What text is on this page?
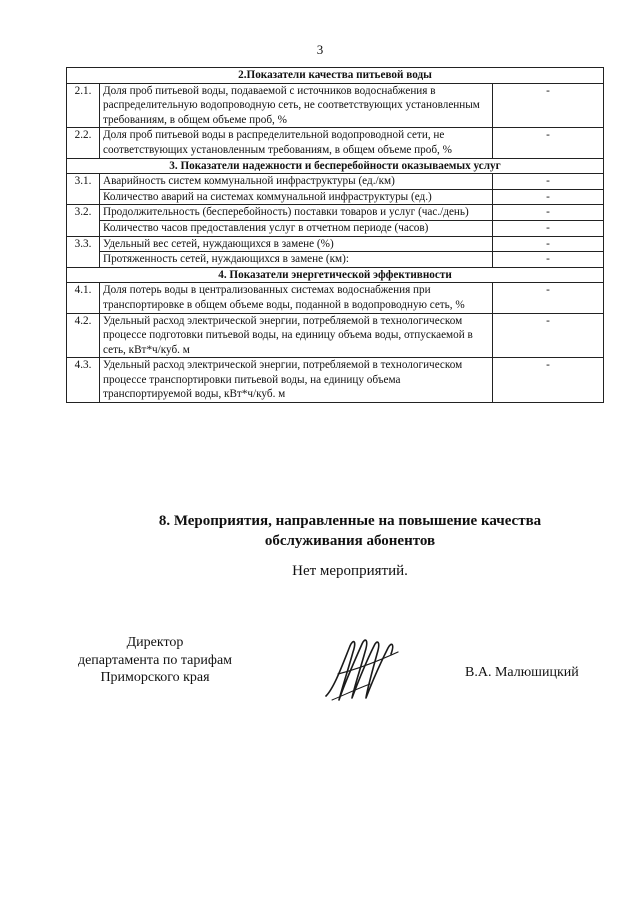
3
2.Показатели качества питьевой воды		
2.1.	Доля проб питьевой воды, подаваемой с источников водоснабжения в распределительную водопроводную сеть, не соответствующих установленным требованиям, в общем объеме проб, %	-
2.2.	Доля проб питьевой воды в распределительной водопроводной сети, не соответствующих установленным требованиям, в общем объеме проб, %	-
3. Показатели надежности и бесперебойности оказываемых услуг		
3.1.	Аварийность систем коммунальной инфраструктуры (ед./км)	-
	Количество аварий на системах коммунальной инфраструктуры (ед.)	-
3.2.	Продолжительность (бесперебойность) поставки товаров и услуг (час./день)	-
	Количество часов предоставления услуг в отчетном периоде (часов)	-
3.3.	Удельный вес сетей, нуждающихся в замене (%)	-
	Протяженность сетей, нуждающихся в замене (км):	-
4. Показатели энергетической эффективности		
4.1.	Доля потерь воды в централизованных системах водоснабжения при транспортировке в общем объеме воды, поданной в водопроводную сеть, %	-
4.2.	Удельный расход электрической энергии, потребляемой в технологическом процессе подготовки питьевой воды, на единицу объема воды, отпускаемой в сеть, кВт*ч/куб. м	-
4.3.	Удельный расход электрической энергии, потребляемой в технологическом процессе транспортировки питьевой воды, на единицу объема транспортируемой воды, кВт*ч/куб. м	-
8. Мероприятия, направленные на повышение качества
обслуживания абонентов
Нет мероприятий.
Директор
департамента по тарифам
Приморского края	В.А. Малюшицкий
